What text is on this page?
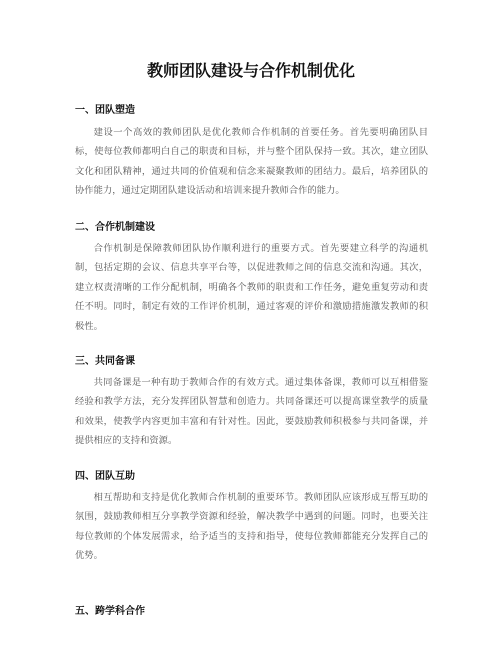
教师团队建设与合作机制优化
一、团队塑造

建设一个高效的教师团队是优化教师合作机制的首要任务。首先要明确团队目标，使每位教师都明白自己的职责和目标，并与整个团队保持一致。其次，建立团队文化和团队精神，通过共同的价值观和信念来凝聚教师的团结力。最后，培养团队的协作能力，通过定期团队建设活动和培训来提升教师合作的能力。

二、合作机制建设

合作机制是保障教师团队协作顺利进行的重要方式。首先要建立科学的沟通机制，包括定期的会议、信息共享平台等，以促进教师之间的信息交流和沟通。其次，建立权责清晰的工作分配机制，明确各个教师的职责和工作任务，避免重复劳动和责任不明。同时，制定有效的工作评价机制，通过客观的评价和激励措施激发教师的积极性。

三、共同备课

共同备课是一种有助于教师合作的有效方式。通过集体备课，教师可以互相借鉴经验和教学方法，充分发挥团队智慧和创造力。共同备课还可以提高课堂教学的质量和效果，使教学内容更加丰富和有针对性。因此，要鼓励教师积极参与共同备课，并提供相应的支持和资源。

四、团队互助

相互帮助和支持是优化教师合作机制的重要环节。教师团队应该形成互帮互助的氛围，鼓励教师相互分享教学资源和经验，解决教学中遇到的问题。同时，也要关注每位教师的个体发展需求，给予适当的支持和指导，使每位教师都能充分发挥自己的优势。

五、跨学科合作
